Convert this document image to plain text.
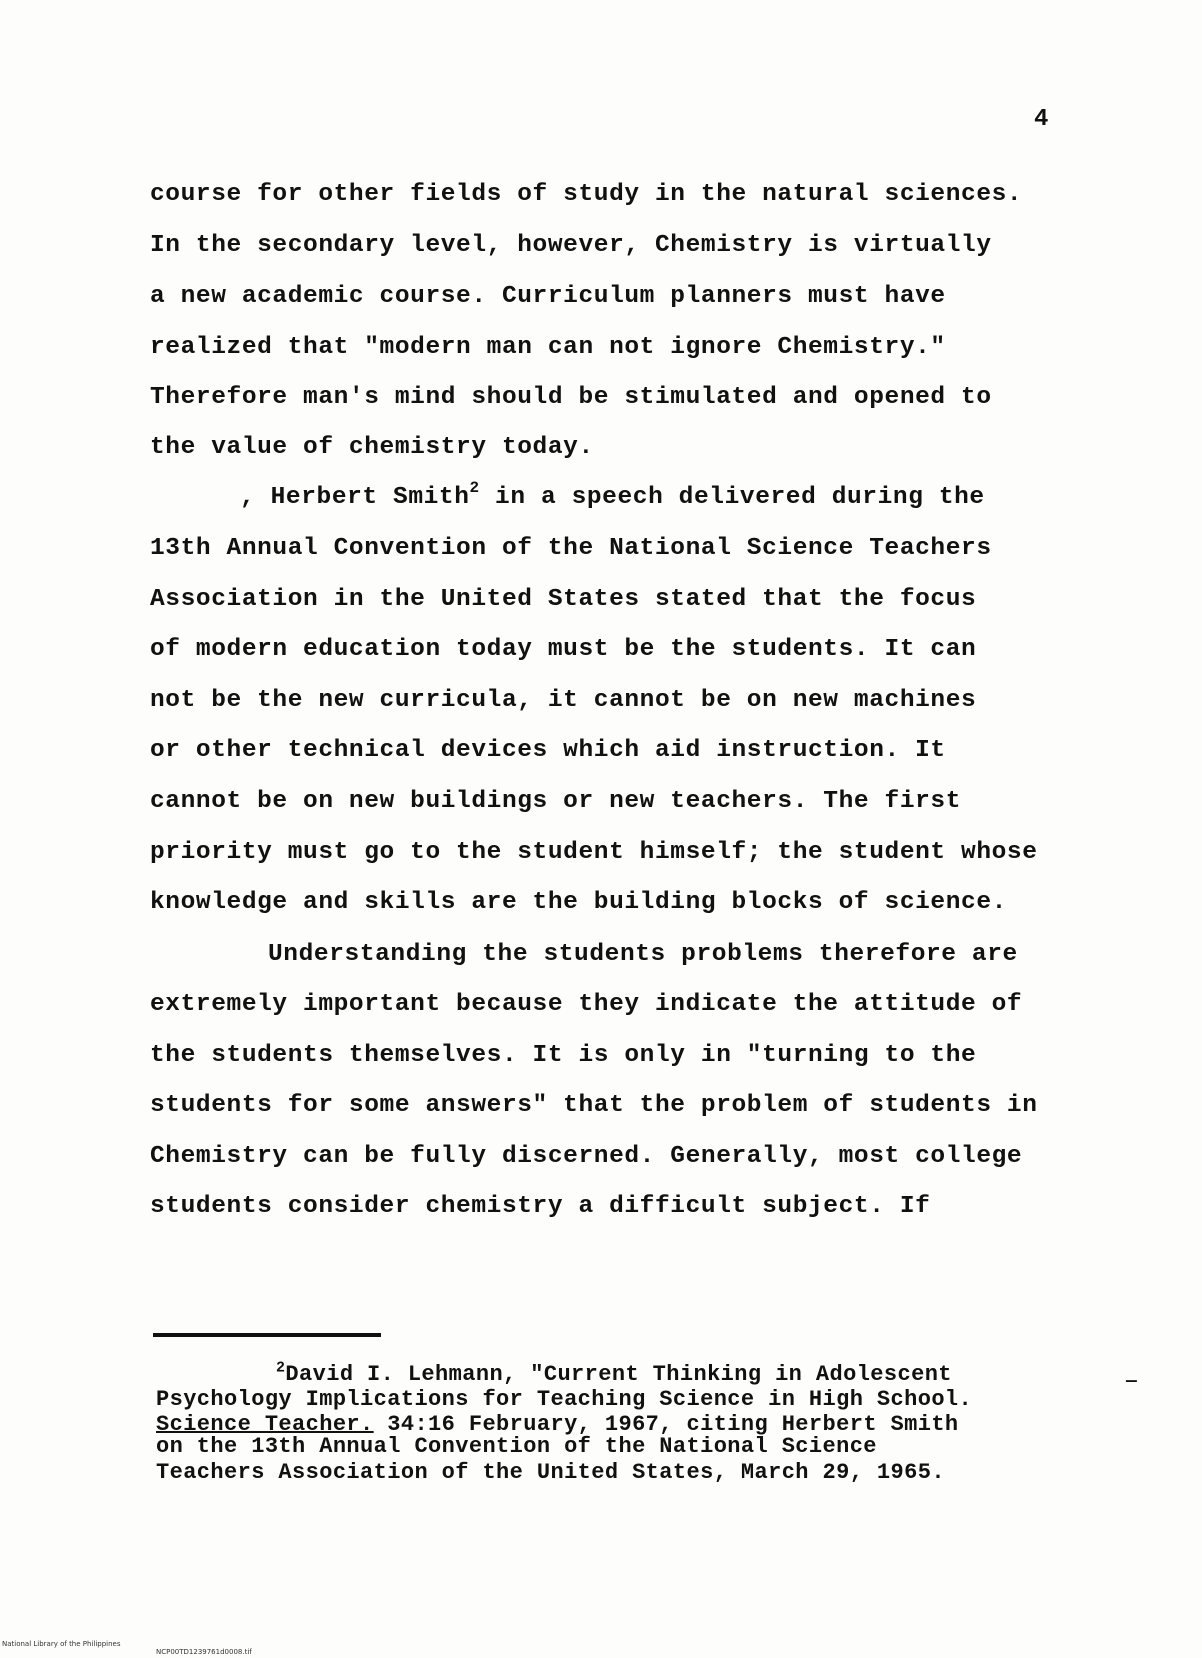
4
course for other fields of study in the natural sciences.
In the secondary level, however, Chemistry is virtually
a new academic course. Curriculum planners must have
realized that "modern man can not ignore Chemistry."
Therefore man's mind should be stimulated and opened to
the value of chemistry today.
, Herbert Smith$^2$ in a speech delivered during the
13th Annual Convention of the National Science Teachers
Association in the United States stated that the focus
of modern education today must be the students. It can
not be the new curricula, it cannot be on new machines
or other technical devices which aid instruction. It
cannot be on new buildings or new teachers. The first
priority must go to the student himself; the student whose
knowledge and skills are the building blocks of science.
Understanding the students problems therefore are
extremely important because they indicate the attitude of
the students themselves. It is only in "turning to the
students for some answers" that the problem of students in
Chemistry can be fully discerned. Generally, most college
students consider chemistry a difficult subject. If
$^2$David I. Lehmann, "Current Thinking in Adolescent
Psychology Implications for Teaching Science in High School.
Science Teacher. 34:16 February, 1967, citing Herbert Smith
on the 13th Annual Convention of the National Science
Teachers Association of the United States, March 29, 1965.
—
National Library of the Philippines
NCP00TD1239761d0008.tif
